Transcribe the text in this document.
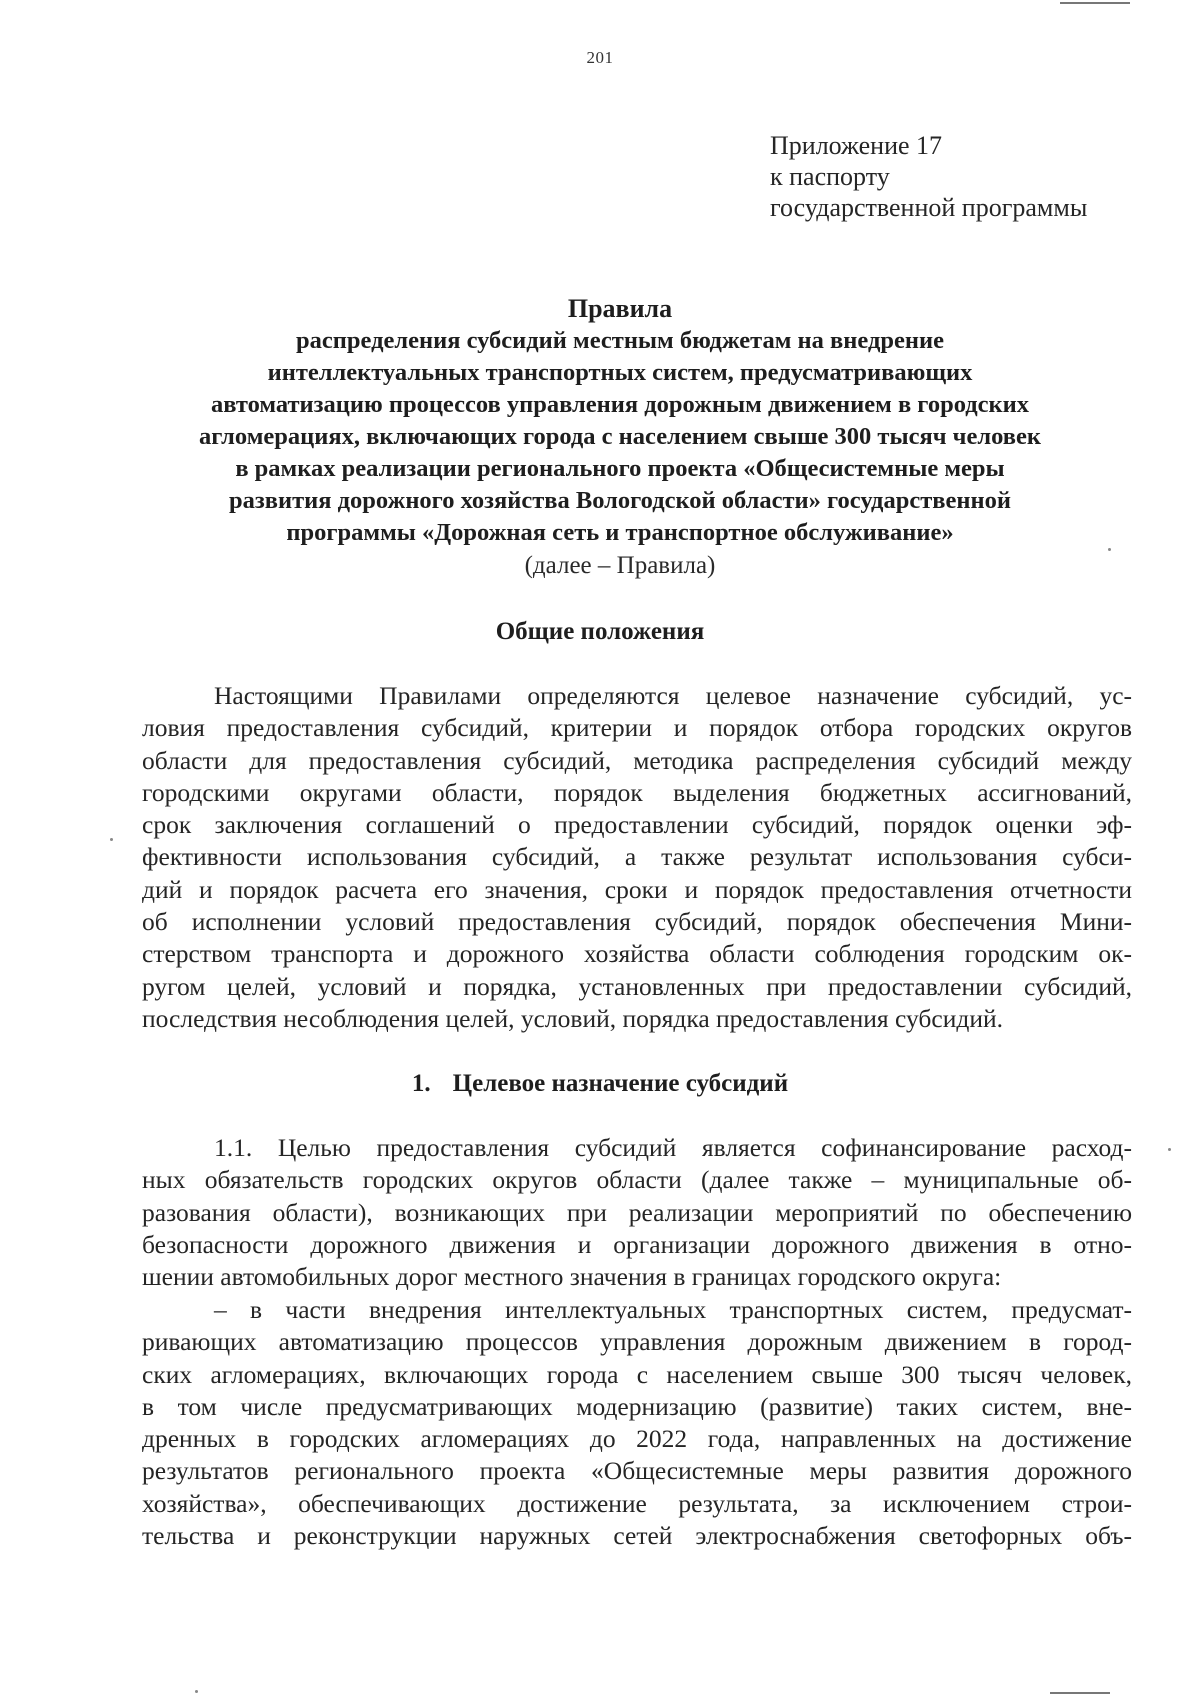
201
Приложение 17
к паспорту
государственной программы
Правила
распределения субсидий местным бюджетам на внедрение
интеллектуальных транспортных систем, предусматривающих
автоматизацию процессов управления дорожным движением в городских
агломерациях, включающих города с населением свыше 300 тысяч человек
в рамках реализации регионального проекта «Общесистемные меры
развития дорожного хозяйства Вологодской области» государственной
программы «Дорожная сеть и транспортное обслуживание»
(далее – Правила)
Общие положения
Настоящими Правилами определяются целевое назначение субсидий, ус-
ловия предоставления субсидий, критерии и порядок отбора городских округов
области для предоставления субсидий, методика распределения субсидий между
городскими округами области, порядок выделения бюджетных ассигнований,
срок заключения соглашений о предоставлении субсидий, порядок оценки эф-
фективности использования субсидий, а также результат использования субси-
дий и порядок расчета его значения, сроки и порядок предоставления отчетности
об исполнении условий предоставления субсидий, порядок обеспечения Мини-
стерством транспорта и дорожного хозяйства области соблюдения городским ок-
ругом целей, условий и порядка, установленных при предоставлении субсидий,
последствия несоблюдения целей, условий, порядка предоставления субсидий.
1. Целевое назначение субсидий
1.1. Целью предоставления субсидий является софинансирование расход-
ных обязательств городских округов области (далее также – муниципальные об-
разования области), возникающих при реализации мероприятий по обеспечению
безопасности дорожного движения и организации дорожного движения в отно-
шении автомобильных дорог местного значения в границах городского округа:
– в части внедрения интеллектуальных транспортных систем, предусмат-
ривающих автоматизацию процессов управления дорожным движением в город-
ских агломерациях, включающих города с населением свыше 300 тысяч человек,
в том числе предусматривающих модернизацию (развитие) таких систем, вне-
дренных в городских агломерациях до 2022 года, направленных на достижение
результатов регионального проекта «Общесистемные меры развития дорожного
хозяйства», обеспечивающих достижение результата, за исключением строи-
тельства и реконструкции наружных сетей электроснабжения светофорных объ-
